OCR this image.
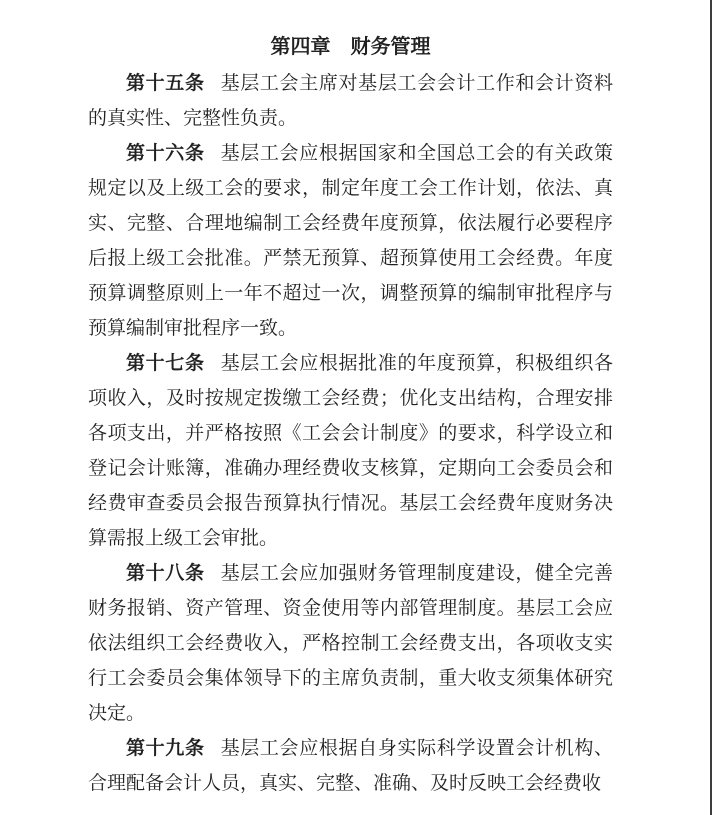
第四章　财务管理

第十五条 基层工会主席对基层工会会计工作和会计资料的真实性、完整性负责。

第十六条 基层工会应根据国家和全国总工会的有关政策规定以及上级工会的要求，制定年度工会工作计划，依法、真实、完整、合理地编制工会经费年度预算，依法履行必要程序后报上级工会批准。严禁无预算、超预算使用工会经费。年度预算调整原则上一年不超过一次，调整预算的编制审批程序与预算编制审批程序一致。

第十七条 基层工会应根据批准的年度预算，积极组织各项收入，及时按规定拨缴工会经费；优化支出结构，合理安排各项支出，并严格按照《工会会计制度》的要求，科学设立和登记会计账簿，准确办理经费收支核算，定期向工会委员会和经费审查委员会报告预算执行情况。基层工会经费年度财务决算需报上级工会审批。

第十八条 基层工会应加强财务管理制度建设，健全完善财务报销、资产管理、资金使用等内部管理制度。基层工会应依法组织工会经费收入，严格控制工会经费支出，各项收支实行工会委员会集体领导下的主席负责制，重大收支须集体研究决定。

第十九条 基层工会应根据自身实际科学设置会计机构、合理配备会计人员，真实、完整、准确、及时反映工会经费收
